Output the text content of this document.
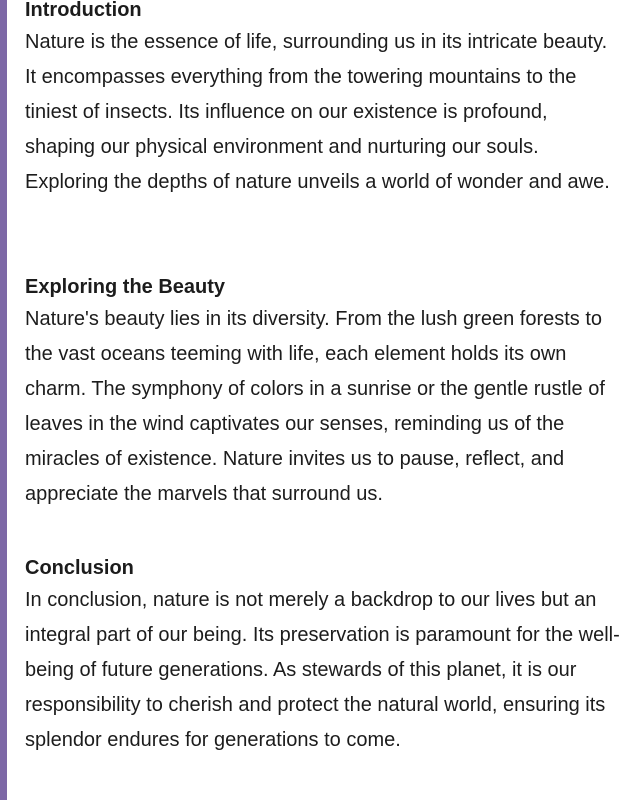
Introduction

Nature is the essence of life, surrounding us in its intricate beauty. It encompasses everything from the towering mountains to the tiniest of insects. Its influence on our existence is profound, shaping our physical environment and nurturing our souls. Exploring the depths of nature unveils a world of wonder and awe.

Exploring the Beauty

Nature's beauty lies in its diversity. From the lush green forests to the vast oceans teeming with life, each element holds its own charm. The symphony of colors in a sunrise or the gentle rustle of leaves in the wind captivates our senses, reminding us of the miracles of existence. Nature invites us to pause, reflect, and appreciate the marvels that surround us.

Conclusion

In conclusion, nature is not merely a backdrop to our lives but an integral part of our being. Its preservation is paramount for the well-being of future generations. As stewards of this planet, it is our responsibility to cherish and protect the natural world, ensuring its splendor endures for generations to come.
